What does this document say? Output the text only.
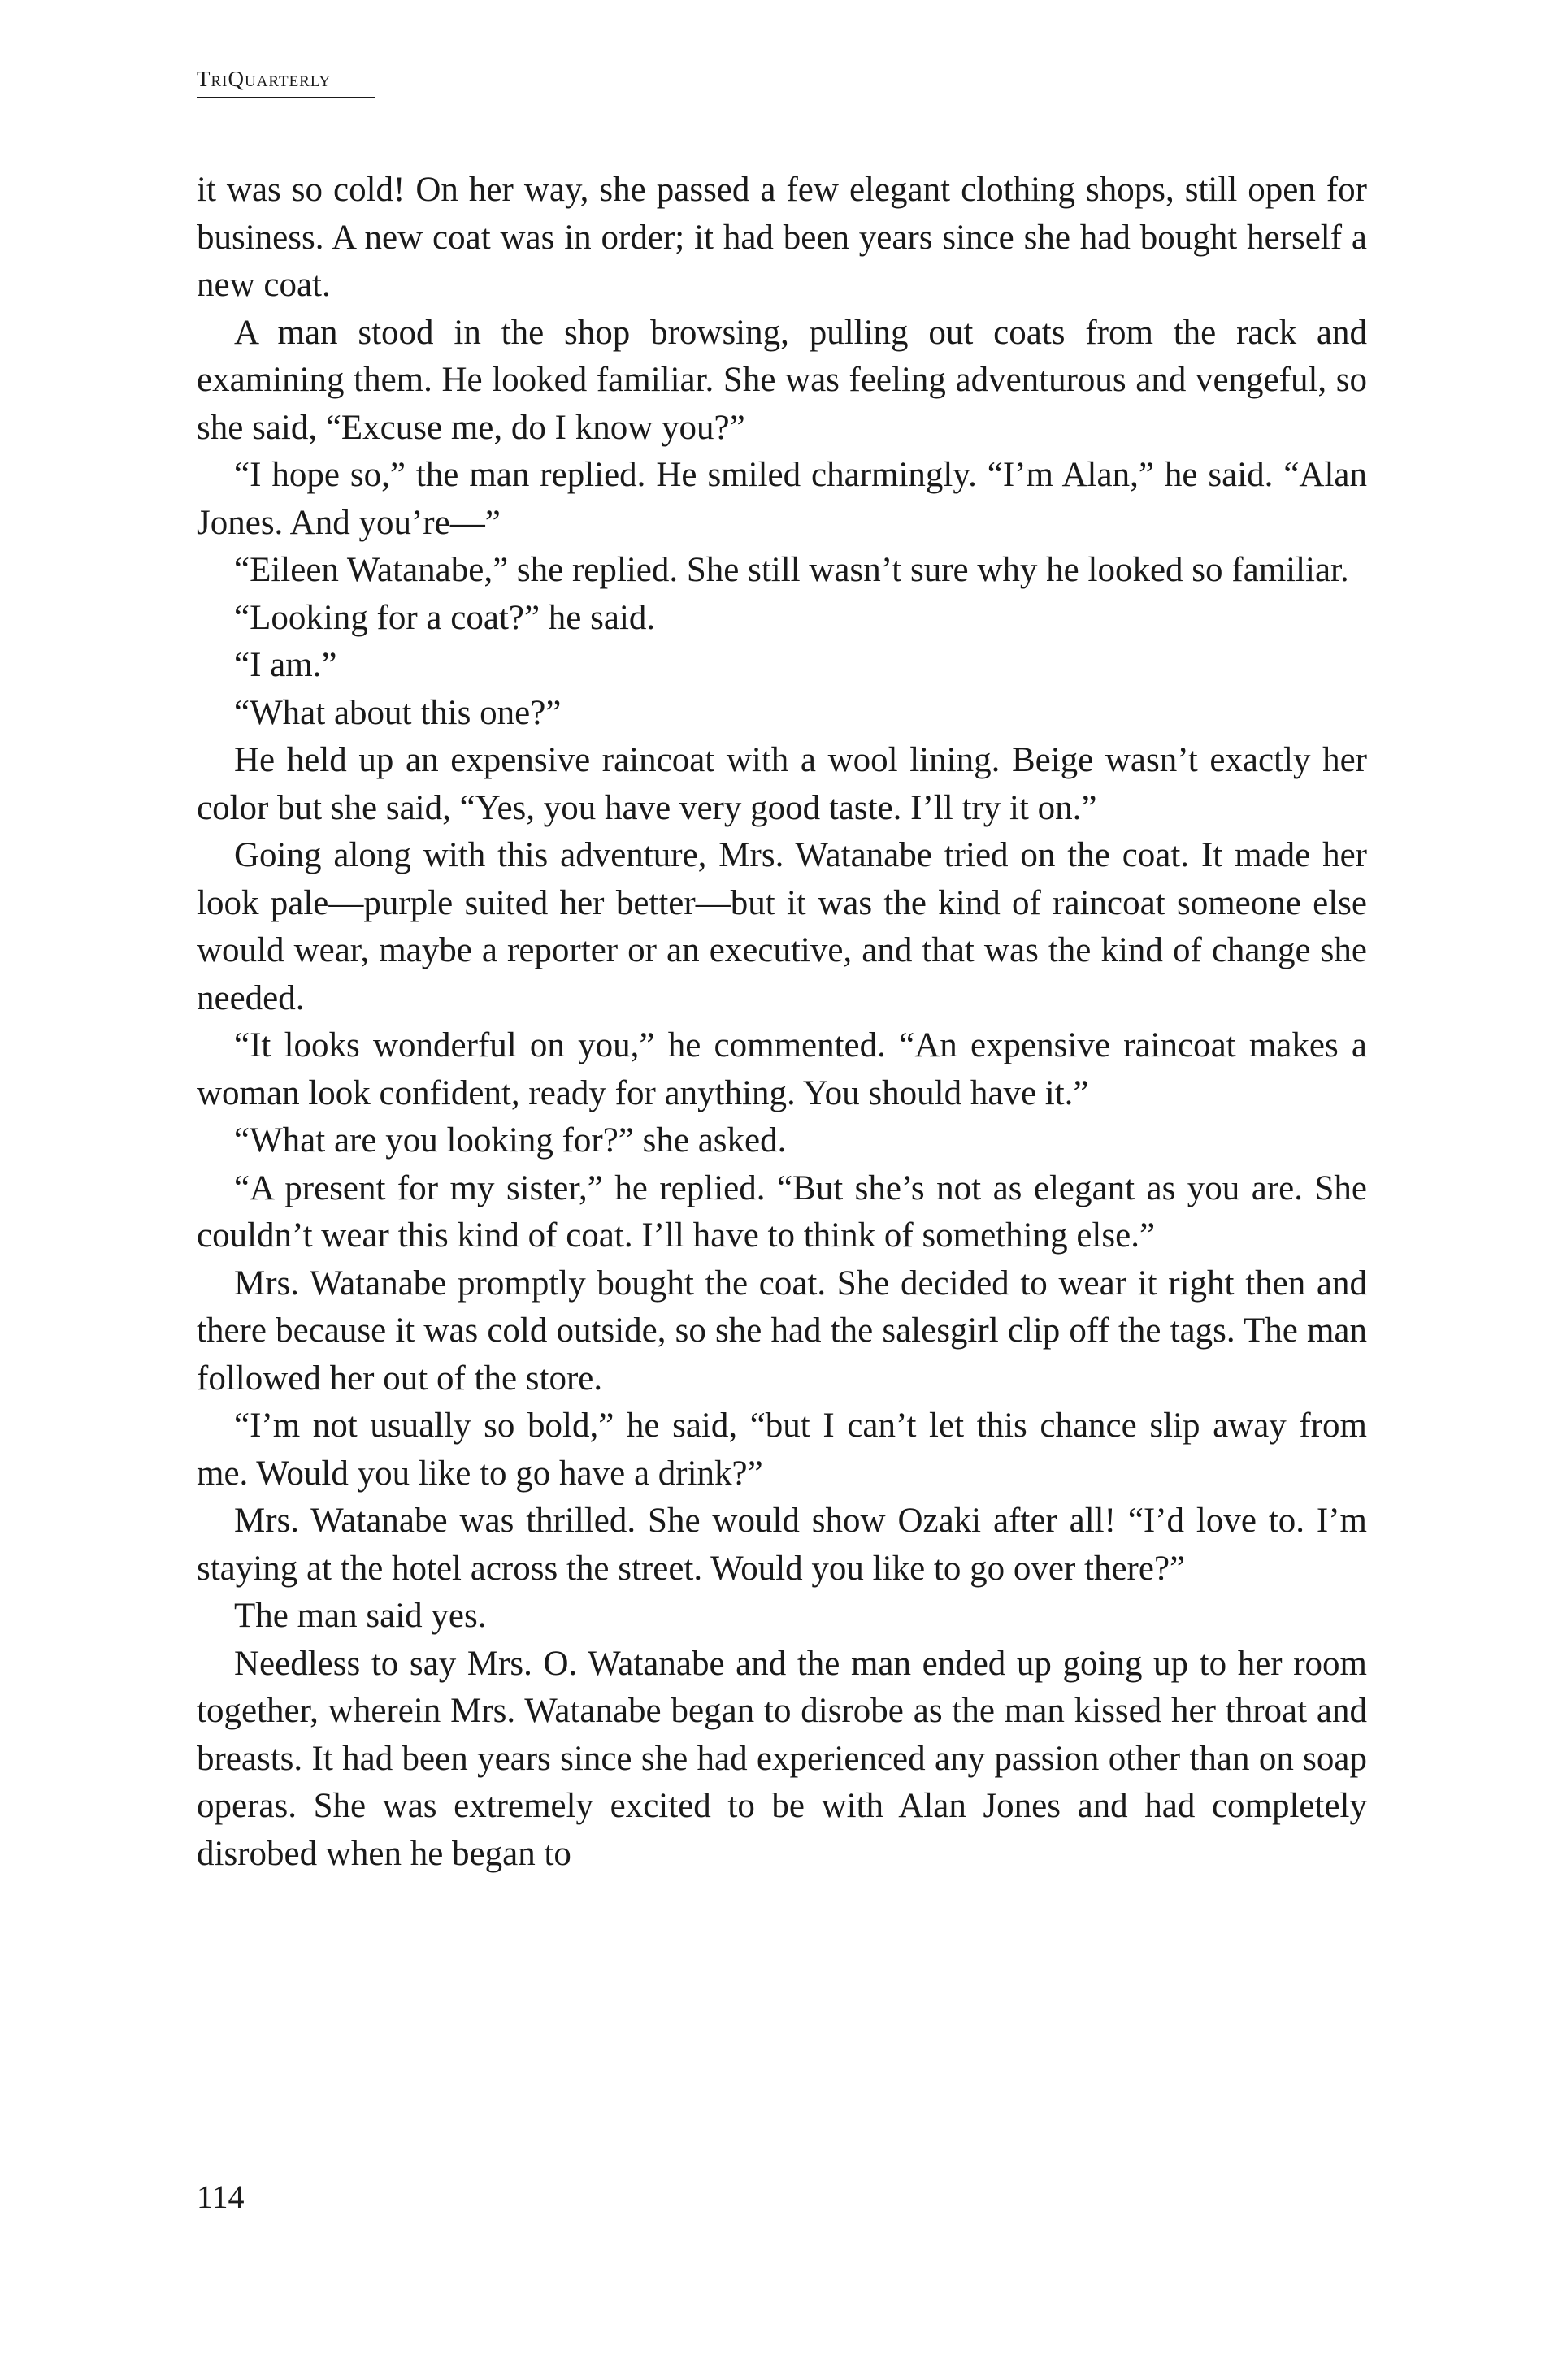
TriQuarterly

it was so cold! On her way, she passed a few elegant clothing shops, still open for business. A new coat was in order; it had been years since she had bought herself a new coat.

A man stood in the shop browsing, pulling out coats from the rack and examining them. He looked familiar. She was feeling adventurous and vengeful, so she said, “Excuse me, do I know you?”

“I hope so,” the man replied. He smiled charmingly. “I’m Alan,” he said. “Alan Jones. And you’re—”

“Eileen Watanabe,” she replied. She still wasn’t sure why he looked so familiar.

“Looking for a coat?” he said.

“I am.”

“What about this one?”

He held up an expensive raincoat with a wool lining. Beige wasn’t exactly her color but she said, “Yes, you have very good taste. I’ll try it on.”

Going along with this adventure, Mrs. Watanabe tried on the coat. It made her look pale—purple suited her better—but it was the kind of raincoat someone else would wear, maybe a reporter or an executive, and that was the kind of change she needed.

“It looks wonderful on you,” he commented. “An expensive raincoat makes a woman look confident, ready for anything. You should have it.”

“What are you looking for?” she asked.

“A present for my sister,” he replied. “But she’s not as elegant as you are. She couldn’t wear this kind of coat. I’ll have to think of something else.”

Mrs. Watanabe promptly bought the coat. She decided to wear it right then and there because it was cold outside, so she had the salesgirl clip off the tags. The man followed her out of the store.

“I’m not usually so bold,” he said, “but I can’t let this chance slip away from me. Would you like to go have a drink?”

Mrs. Watanabe was thrilled. She would show Ozaki after all! “I’d love to. I’m staying at the hotel across the street. Would you like to go over there?”

The man said yes.

Needless to say Mrs. O. Watanabe and the man ended up going up to her room together, wherein Mrs. Watanabe began to disrobe as the man kissed her throat and breasts. It had been years since she had experienced any passion other than on soap operas. She was extremely excited to be with Alan Jones and had completely disrobed when he began to

114
